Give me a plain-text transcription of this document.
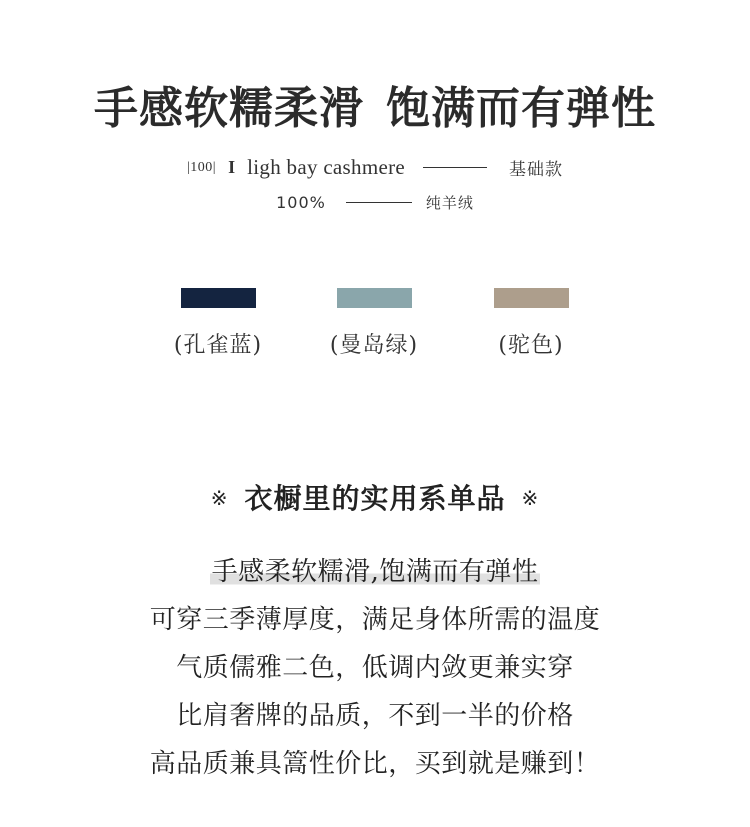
手感软糯柔滑 饱满而有弹性
|100| I ligh bay cashmere	基础款
100%	纯羊绒
(孔雀蓝)	(曼岛绿)	(驼色)
※ 衣橱里的实用系单品 ※
手感柔软糯滑,饱满而有弹性
可穿三季薄厚度，满足身体所需的温度
气质儒雅二色，低调内敛更兼实穿
比肩奢牌的品质，不到一半的价格
高品质兼具篙性价比，买到就是赚到！
